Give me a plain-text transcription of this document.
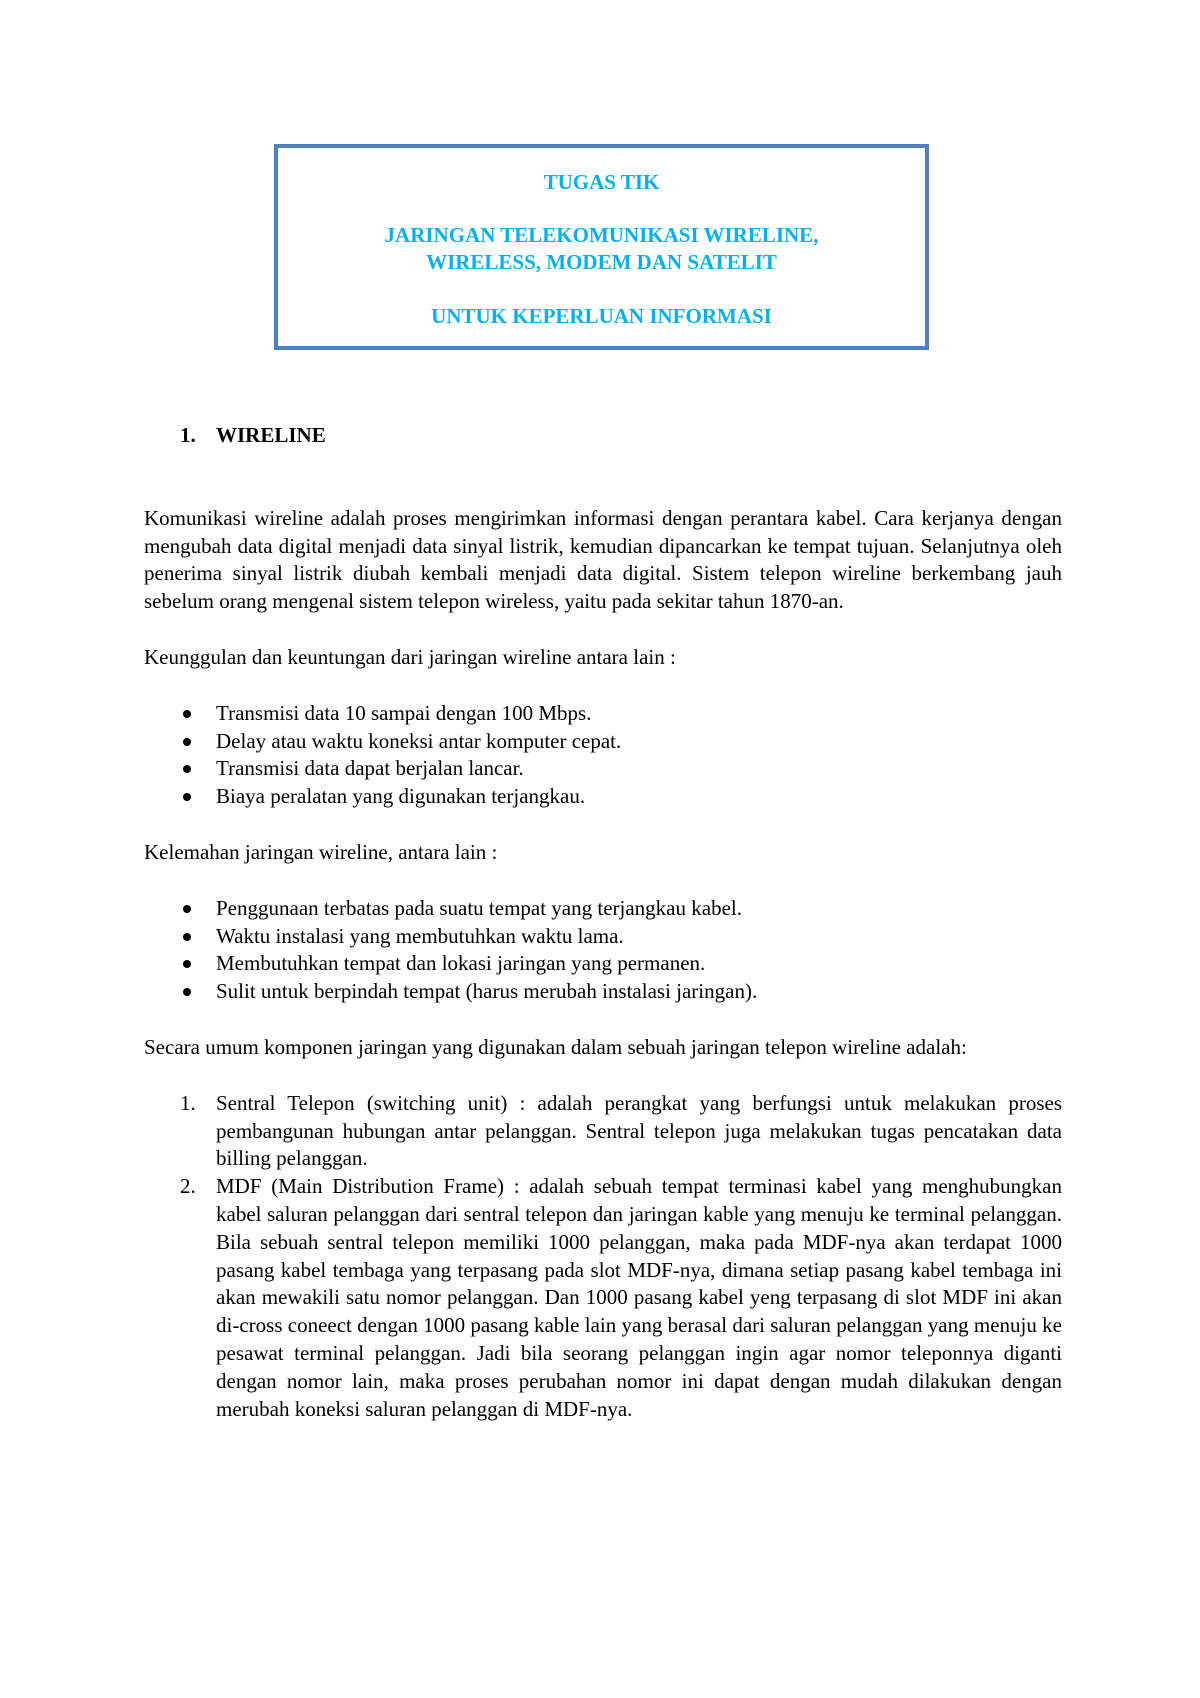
TUGAS TIK
JARINGAN TELEKOMUNIKASI WIRELINE,
WIRELESS, MODEM DAN SATELIT
UNTUK KEPERLUAN INFORMASI
1. WIRELINE

Komunikasi wireline adalah proses mengirimkan informasi dengan perantara kabel. Cara kerjanya dengan mengubah data digital menjadi data sinyal listrik, kemudian dipancarkan ke tempat tujuan. Selanjutnya oleh penerima sinyal listrik diubah kembali menjadi data digital. Sistem telepon wireline berkembang jauh sebelum orang mengenal sistem telepon wireless, yaitu pada sekitar tahun 1870-an.

Keunggulan dan keuntungan dari jaringan wireline antara lain :

Transmisi data 10 sampai dengan 100 Mbps.
Delay atau waktu koneksi antar komputer cepat.
Transmisi data dapat berjalan lancar.
Biaya peralatan yang digunakan terjangkau.

Kelemahan jaringan wireline, antara lain :

Penggunaan terbatas pada suatu tempat yang terjangkau kabel.
Waktu instalasi yang membutuhkan waktu lama.
Membutuhkan tempat dan lokasi jaringan yang permanen.
Sulit untuk berpindah tempat (harus merubah instalasi jaringan).

Secara umum komponen jaringan yang digunakan dalam sebuah jaringan telepon wireline adalah:

1. Sentral Telepon (switching unit) : adalah perangkat yang berfungsi untuk melakukan proses pembangunan hubungan antar pelanggan. Sentral telepon juga melakukan tugas pencatakan data billing pelanggan.
2. MDF (Main Distribution Frame) : adalah sebuah tempat terminasi kabel yang menghubungkan kabel saluran pelanggan dari sentral telepon dan jaringan kable yang menuju ke terminal pelanggan. Bila sebuah sentral telepon memiliki 1000 pelanggan, maka pada MDF-nya akan terdapat 1000 pasang kabel tembaga yang terpasang pada slot MDF-nya, dimana setiap pasang kabel tembaga ini akan mewakili satu nomor pelanggan. Dan 1000 pasang kabel yeng terpasang di slot MDF ini akan di-cross coneect dengan 1000 pasang kable lain yang berasal dari saluran pelanggan yang menuju ke pesawat terminal pelanggan. Jadi bila seorang pelanggan ingin agar nomor teleponnya diganti dengan nomor lain, maka proses perubahan nomor ini dapat dengan mudah dilakukan dengan merubah koneksi saluran pelanggan di MDF-nya.
